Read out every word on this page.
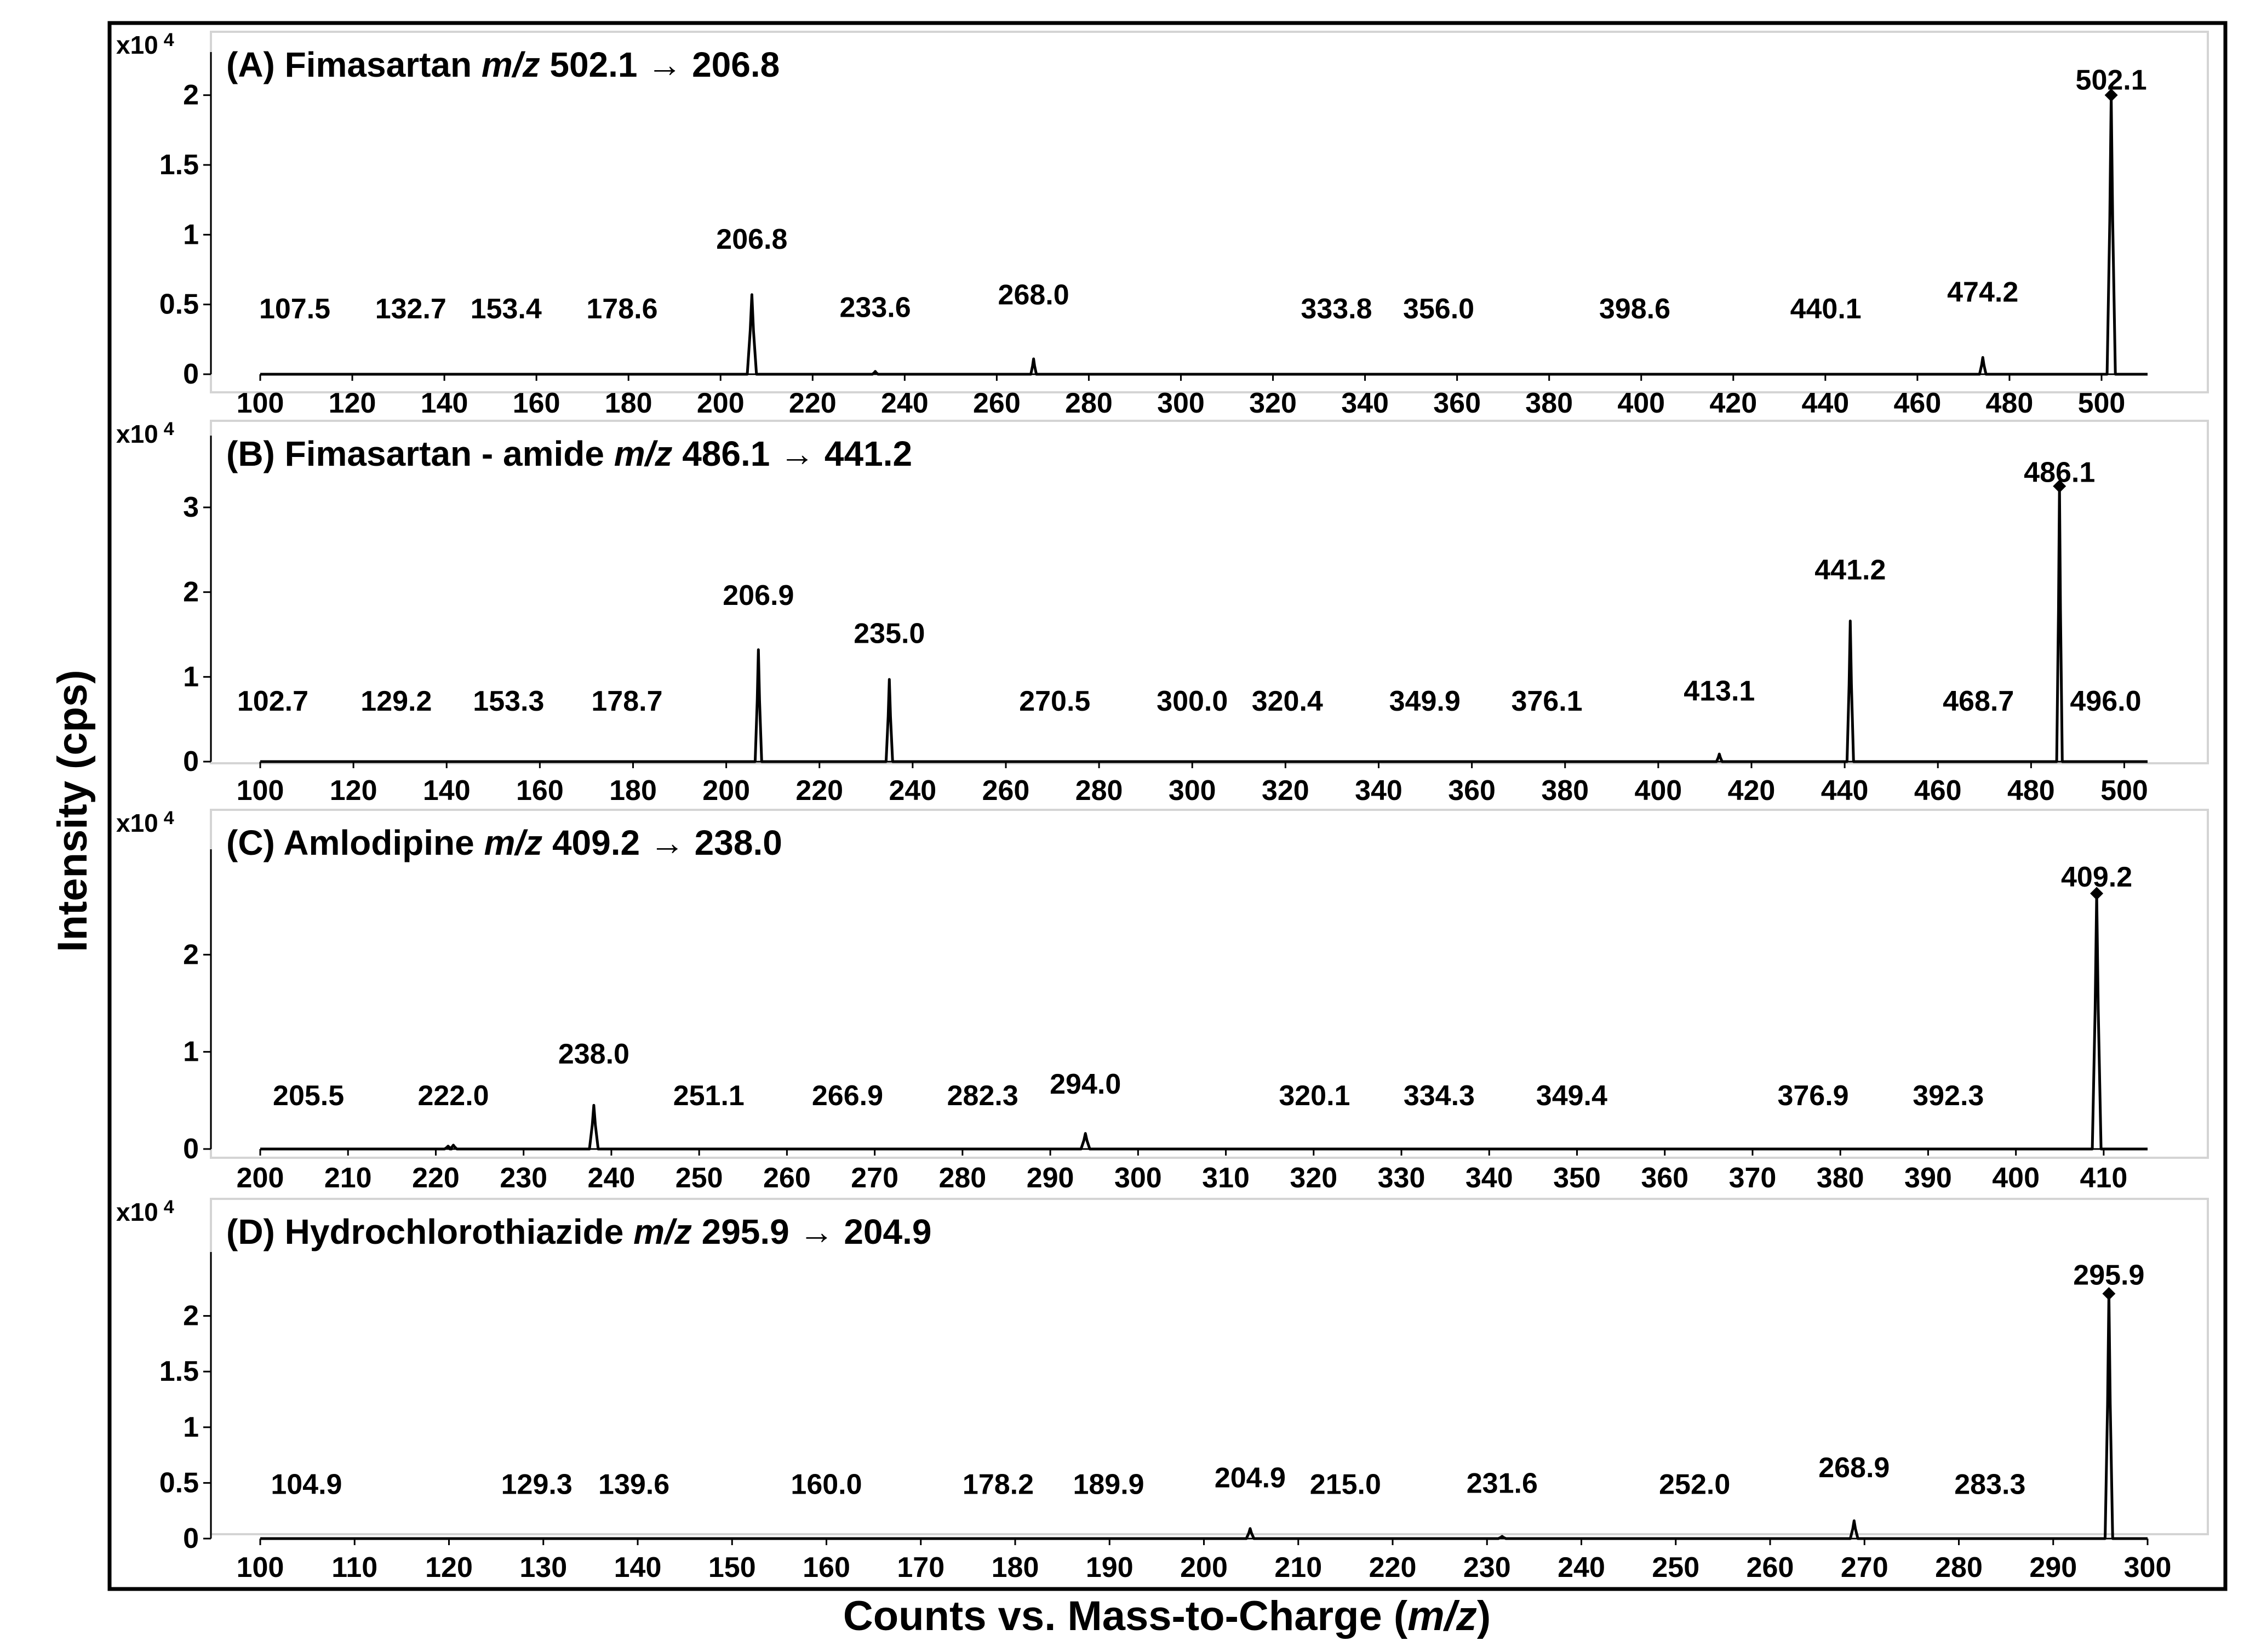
100 120 140 160 180 200 220 240 260 280 300 320 340 360 380 400 420 440 460 480 500
0
0.5
1
1.5
2
x10 $^4$
(A) Fimasartan m/z 502.1 → 206.8
107.5 132.7 153.4 178.6
206.8
233.6	268.0	333.8 356.0	398.6	440.1
474.2
502.1
100 120 140 160 180 200 220 240 260 280 300 320 340 360 380 400 420 440 460 480 500
0
1
2
3
x10 $^4$
(B) Fimasartan - amide m/z 486.1 → 441.2
102.7 129.2 153.3 178.7
206.9
235.0
270.5 300.0 320.4 349.9 376.1	413.1
441.2
468.7 496.0
486.1
200 210 220 230 240 250 260 270 280 290 300 310 320 330 340 350 360 370 380 390 400 410
0
1
2
x10 $^4$
(C) Amlodipine m/z 409.2 → 238.0
205.5	222.0
238.0
251.1 266.9 282.3 294.0	320.1 334.3 349.4	376.9 392.3
409.2
100 110 120 130 140 150 160 170 180 190 200 210 220 230 240 250 260 270 280 290 300
0
0.5
1
1.5
2
x10 $^4$
(D) Hydrochlorothiazide m/z 295.9 → 204.9
104.9	129.3 139.6	160.0	178.2 189.9 204.9 215.0	231.6	252.0
268.9
283.3
295.9
Intensity (cps)
Counts vs. Mass-to-Charge (m/z)
